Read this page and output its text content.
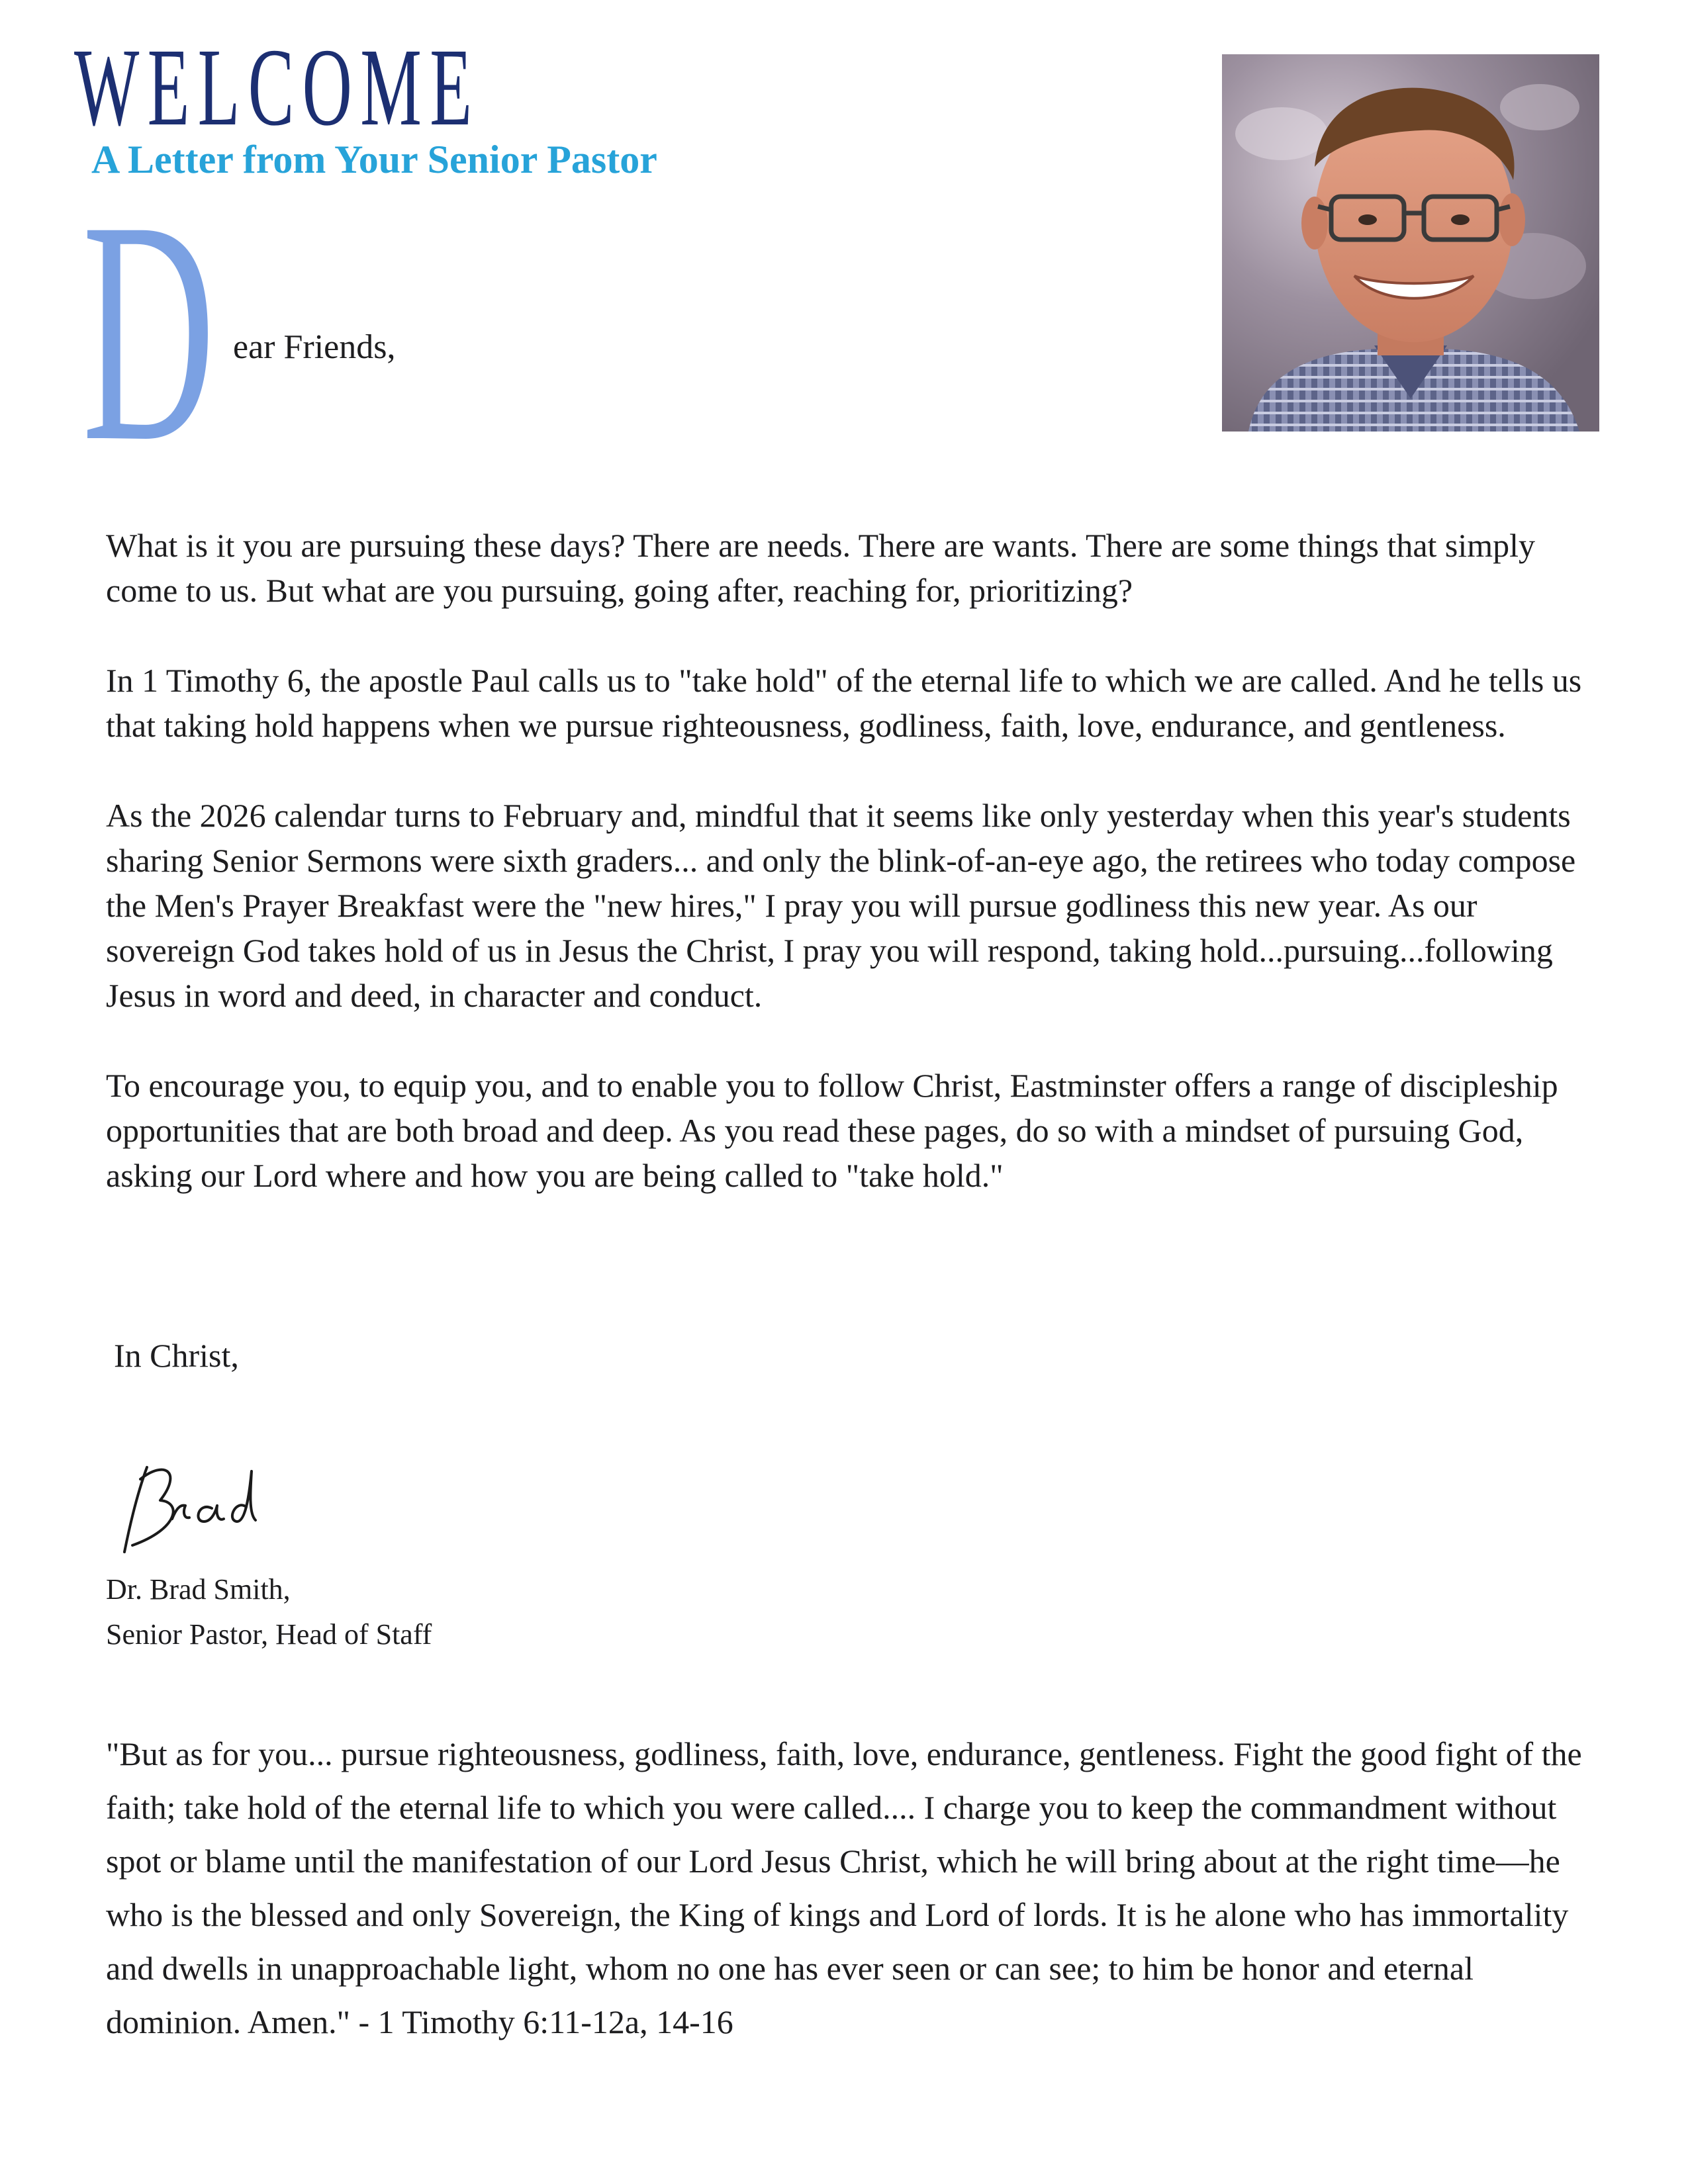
WELCOME
A Letter from Your Senior Pastor
D ear Friends,

What is it you are pursuing these days? There are needs. There are wants. There are some things that simply come to us. But what are you pursuing, going after, reaching for, prioritizing?

In 1 Timothy 6, the apostle Paul calls us to "take hold" of the eternal life to which we are called. And he tells us that taking hold happens when we pursue righteousness, godliness, faith, love, endurance, and gentleness.

As the 2026 calendar turns to February and, mindful that it seems like only yesterday when this year's students sharing Senior Sermons were sixth graders... and only the blink-of-an-eye ago, the retirees who today compose the Men's Prayer Breakfast were the "new hires," I pray you will pursue godliness this new year. As our sovereign God takes hold of us in Jesus the Christ, I pray you will respond, taking hold...pursuing...following Jesus in word and deed, in character and conduct.

To encourage you, to equip you, and to enable you to follow Christ, Eastminster offers a range of discipleship opportunities that are both broad and deep. As you read these pages, do so with a mindset of pursuing God, asking our Lord where and how you are being called to "take hold."

In Christ,

Dr. Brad Smith,

Senior Pastor, Head of Staff

"But as for you... pursue righteousness, godliness, faith, love, endurance, gentleness. Fight the good fight of the faith; take hold of the eternal life to which you were called.... I charge you to keep the commandment without spot or blame until the manifestation of our Lord Jesus Christ, which he will bring about at the right time—he who is the blessed and only Sovereign, the King of kings and Lord of lords. It is he alone who has immortality and dwells in unapproachable light, whom no one has ever seen or can see; to him be honor and eternal dominion. Amen." - 1 Timothy 6:11-12a, 14-16
